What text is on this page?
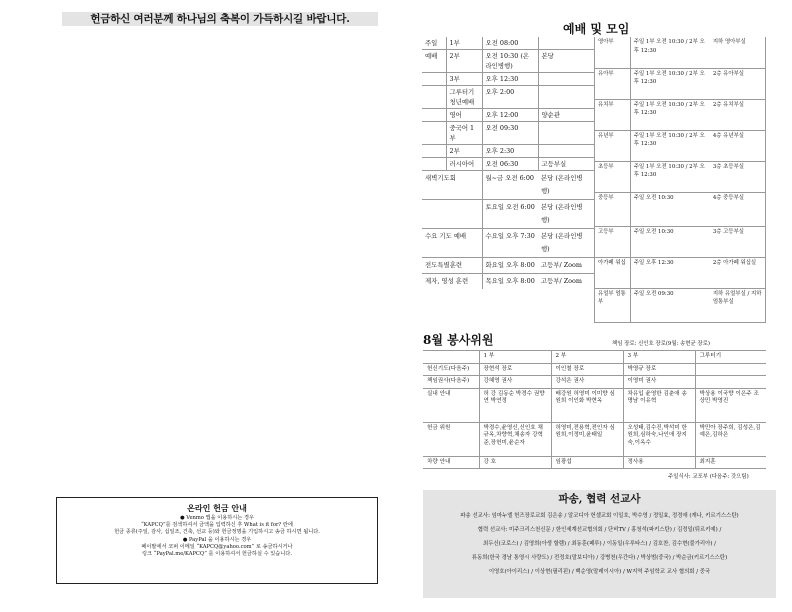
헌금하신 여러분께 하나님의 축복이 가득하시길 바랍니다.
온라인 헌금 안내
● Venmo 앱을 이용하시는 경우
“KAPCQ”를 검색하셔서 금액을 입력하신 후 What is it for? 란에
헌금 종류(주일, 감사, 십일조, 건축, 선교 등)와 헌금정명을 기입하시고 송금 하시면 됩니다.
● PayPal 을 이용하시는 경우
페이팔에서 코퍼 이메일 “KAPCQ@yahoo.com” 로 송금하시거나
링크 “PayPal.me/KAPCQ” 를 이용하셔서 헌금하실 수 있습니다.
예배 및 모임
주일	1부	오전 08:00	
예배	2부	오전 10:30 (온라인병행)	본당
	3부	오후 12:30	
	그루터기 청년예배	오후 2:00	
	영어	오후 12:00	양순관
	중국어 1부	오전 09:30	
	2부	오후 2:30	
	러시아어	오전 06:30	고등부실
새벽기도회		월~금 오전 6:00	본당 (온라인병행)
		토요일 오전 6:00	본당 (온라인병행)
수요 기도 예배		수요일 오후 7:30	본당 (온라인병행)
전도특별훈련		화요일 오후 8:00	고등부/ Zoom
제자, 영성 훈련		목요일 오후 8:00	고등부/ Zoom
영아부	주일 1부 오전 10:30 / 2부 오후 12:30	지하 영아부실
유아부	주일 1부 오전 10:30 / 2부 오후 12:30	2층 유아부실
유치부	주일 1부 오전 10:30 / 2부 오후 12:30	2층 유치부실
유년부	주일 1부 오전 10:30 / 2부 오후 12:30	4층 유년부실
초등부	주일 1부 오전 10:30 / 2부 오후 12:30	3층 초등부실
중등부	주일 오전 10:30	4층 중등부실
고등부	주일 오전 10:30	3층 고등부실
아가페 워십	주일 오후 12:30	2층 아가페 워십실
유얼부 엄통부	주일 오전 09:30	지하 유얼부실 / 지하 엄통부실
8월 봉사위원	책임 장로: 신인호 장로(9월: 송현균 장로)
	1 부	2 부	3 부	그루터기
헌신기도(다음주)	장현석 장로	이인철 장로	박영규 장로	
책임권사(다음주)	강혜영 권사	강석은 권사	이영미 권사	
실내 안내	허 강 김동순 박경수 권향연 박연정	배강원 허영미 이미향 심원희 이인화 박현옥	차유입 윤영한 김춘애 송명남 이유혁	박상용 이국향 이은주 조상민 박영진
헌금 위원	박경수,윤영신,신인호 채규옥,차향혁,채송자 강혁준,장헌미,윤순자	허영미,전용혁,전인자 심원희,이정미,윤태일	오성태,김수진,박석미 한원희,심하숙,나인애 장지숙,이옥수	박민아 장주희, 김성은,김예은,김하은
차량 안내	강 호	임광섭	정사용	최지훈
주일식사: 교포부 (다음주: 갓으팀)
파송, 협력 선교사
파송 선교사: 임마누엘 헌즈장로교회 김은송 / 알코디아 헌셀교회 이일호, 박수영 / 정일효, 정정애 (캐나, 키르기스스탄)
협력 선교사: 미주크리스천신문 / 한인세계선교협의회 / 단비TV / 홍청석(파키스탄) / 김정일(튀르키예) /
최두신(코로스) / 김영희(아생 할렘) / 최동훈(페루) / 이동일(우루타스) / 김호찬, 김수현(불가리아) /
류동희(한국 경남 통영시 사량도) / 전정호(말보디아) / 강병천(우간다) / 박상범(중국) / 박순금(키르기스스탄)
이영호(아이리스) / 이상현(필리핀) / 백순영(말레이시아) / W지역 주임학교 교사 협의회 / 중국
